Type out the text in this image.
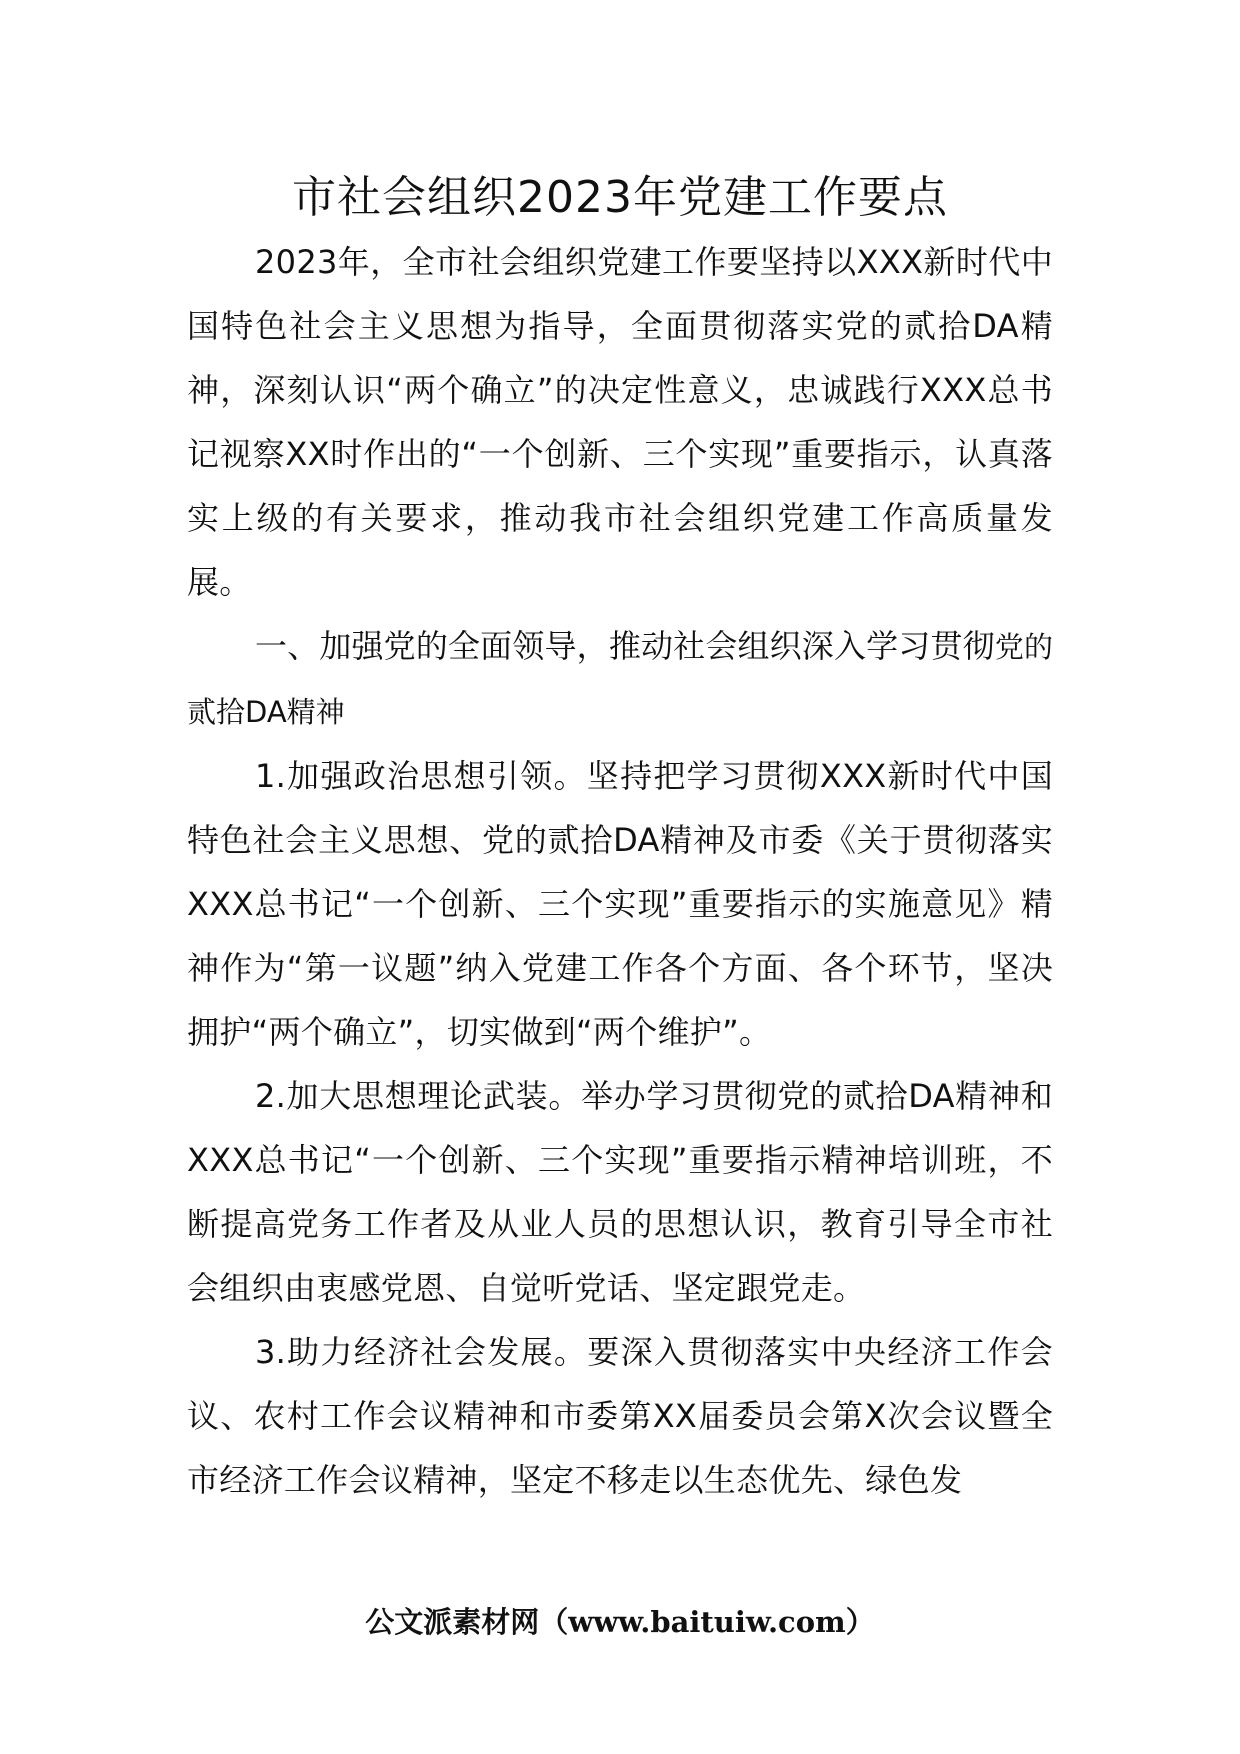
市社会组织2023年党建工作要点

2023年，全市社会组织党建工作要坚持以XXX新时代中国特色社会主义思想为指导，全面贯彻落实党的贰拾DA精神，深刻认识“两个确立”的决定性意义，忠诚践行XXX总书记视察XX时作出的“一个创新、三个实现”重要指示，认真落实上级的有关要求，推动我市社会组织党建工作高质量发展。

一、加强党的全面领导，推动社会组织深入学习贯彻党的贰拾DA精神

1.加强政治思想引领。坚持把学习贯彻XXX新时代中国特色社会主义思想、党的贰拾DA精神及市委《关于贯彻落实XXX总书记“一个创新、三个实现”重要指示的实施意见》精神作为“第一议题”纳入党建工作各个方面、各个环节，坚决拥护“两个确立”，切实做到“两个维护”。

2.加大思想理论武装。举办学习贯彻党的贰拾DA精神和XXX总书记“一个创新、三个实现”重要指示精神培训班，不断提高党务工作者及从业人员的思想认识，教育引导全市社会组织由衷感党恩、自觉听党话、坚定跟党走。

3.助力经济社会发展。要深入贯彻落实中央经济工作会议、农村工作会议精神和市委第XX届委员会第X次会议暨全市经济工作会议精神，坚定不移走以生态优先、绿色发

公文派素材网（www.baituiw.com）
